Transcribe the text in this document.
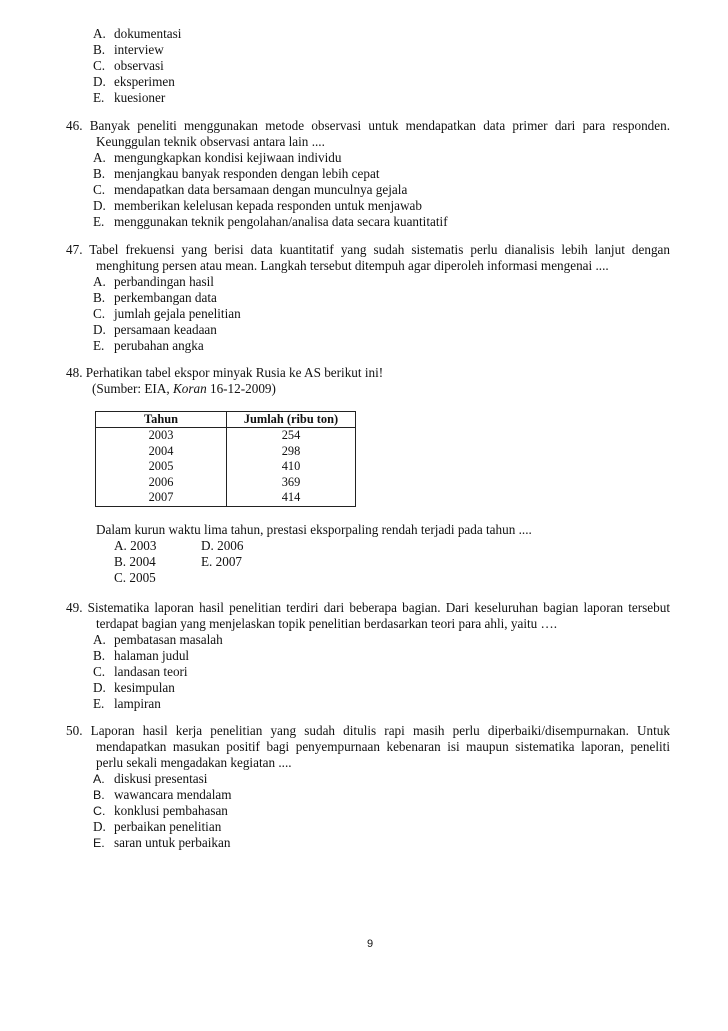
A. dokumentasi
B. interview
C. observasi
D. eksperimen
E. kuesioner
46. Banyak peneliti menggunakan metode observasi untuk mendapatkan data primer dari para responden.
Keunggulan teknik observasi antara lain ....
A. mengungkapkan kondisi kejiwaan individu
B. menjangkau banyak responden dengan lebih cepat
C. mendapatkan data bersamaan dengan munculnya gejala
D. memberikan kelelusan kepada responden untuk menjawab
E. menggunakan teknik pengolahan/analisa data secara kuantitatif
47. Tabel frekuensi yang berisi data kuantitatif yang sudah sistematis perlu dianalisis lebih lanjut dengan
menghitung persen atau mean. Langkah tersebut ditempuh agar diperoleh informasi mengenai ....
A. perbandingan hasil
B. perkembangan data
C. jumlah gejala penelitian
D. persamaan keadaan
E. perubahan angka
48. Perhatikan tabel ekspor minyak Rusia ke AS berikut ini!
(Sumber: EIA, Koran 16-12-2009)
Tahun	Jumlah (ribu ton)
2003	254
2004	298
2005	410
2006	369
2007	414
Dalam kurun waktu lima tahun, prestasi eksporpaling rendah terjadi pada tahun ....
A. 2003	D. 2006
B. 2004	E. 2007
C. 2005
49. Sistematika laporan hasil penelitian terdiri dari beberapa bagian. Dari keseluruhan bagian laporan tersebut
terdapat bagian yang menjelaskan topik penelitian berdasarkan teori para ahli, yaitu ….
A. pembatasan masalah
B. halaman judul
C. landasan teori
D. kesimpulan
E. lampiran
50. Laporan hasil kerja penelitian yang sudah ditulis rapi masih perlu diperbaiki/disempurnakan. Untuk
mendapatkan masukan positif bagi penyempurnaan kebenaran isi maupun sistematika laporan, peneliti
perlu sekali mengadakan kegiatan ....
A. diskusi presentasi
B. wawancara mendalam
C. konklusi pembahasan
D. perbaikan penelitian
E. saran untuk perbaikan
9
